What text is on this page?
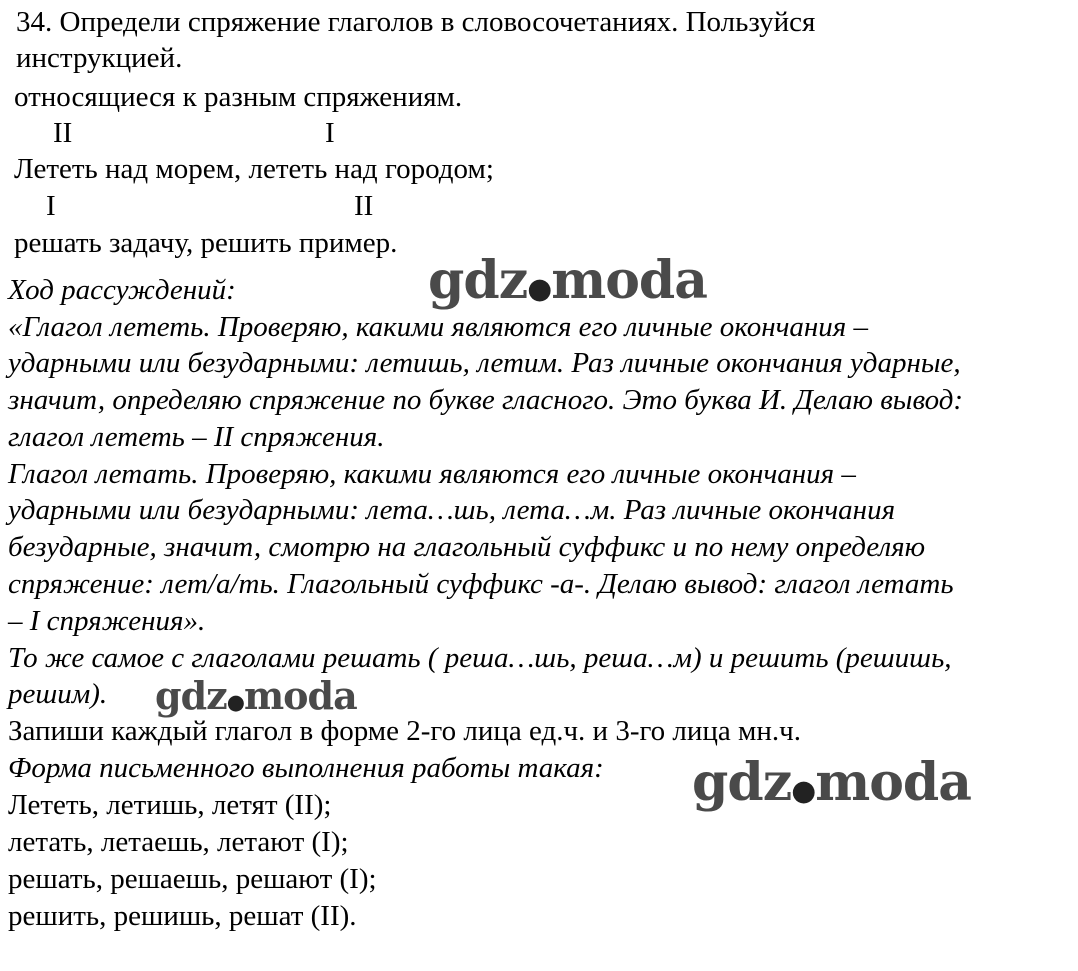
34. Определи спряжение глаголов в словосочетаниях. Пользуйся
инструкцией.
относящиеся к разным спряжениям.
II	I
Лететь над морем, лететь над городом;
I	II
решать задачу, решить пример.
Ход рассуждений:
«Глагол лететь. Проверяю, какими являются его личные окончания –
ударными или безударными: летишь, летим. Раз личные окончания ударные,
значит, определяю спряжение по букве гласного. Это буква И. Делаю вывод:
глагол лететь – II спряжения.
Глагол летать. Проверяю, какими являются его личные окончания –
ударными или безударными: лета…шь, лета…м. Раз личные окончания
безударные, значит, смотрю на глагольный суффикс и по нему определяю
спряжение: лет/а/ть. Глагольный суффикс -а-. Делаю вывод: глагол летать
– I спряжения».
То же самое с глаголами решать ( реша…шь, реша…м) и решить (решишь,
решим).
Запиши каждый глагол в форме 2-го лица ед.ч. и 3-го лица мн.ч.
Форма письменного выполнения работы такая:
Лететь, летишь, летят (II);
летать, летаешь, летают (I);
решать, решаешь, решают (I);
решить, решишь, решат (II).
gdz●moda
gdz●moda
gdz●moda
